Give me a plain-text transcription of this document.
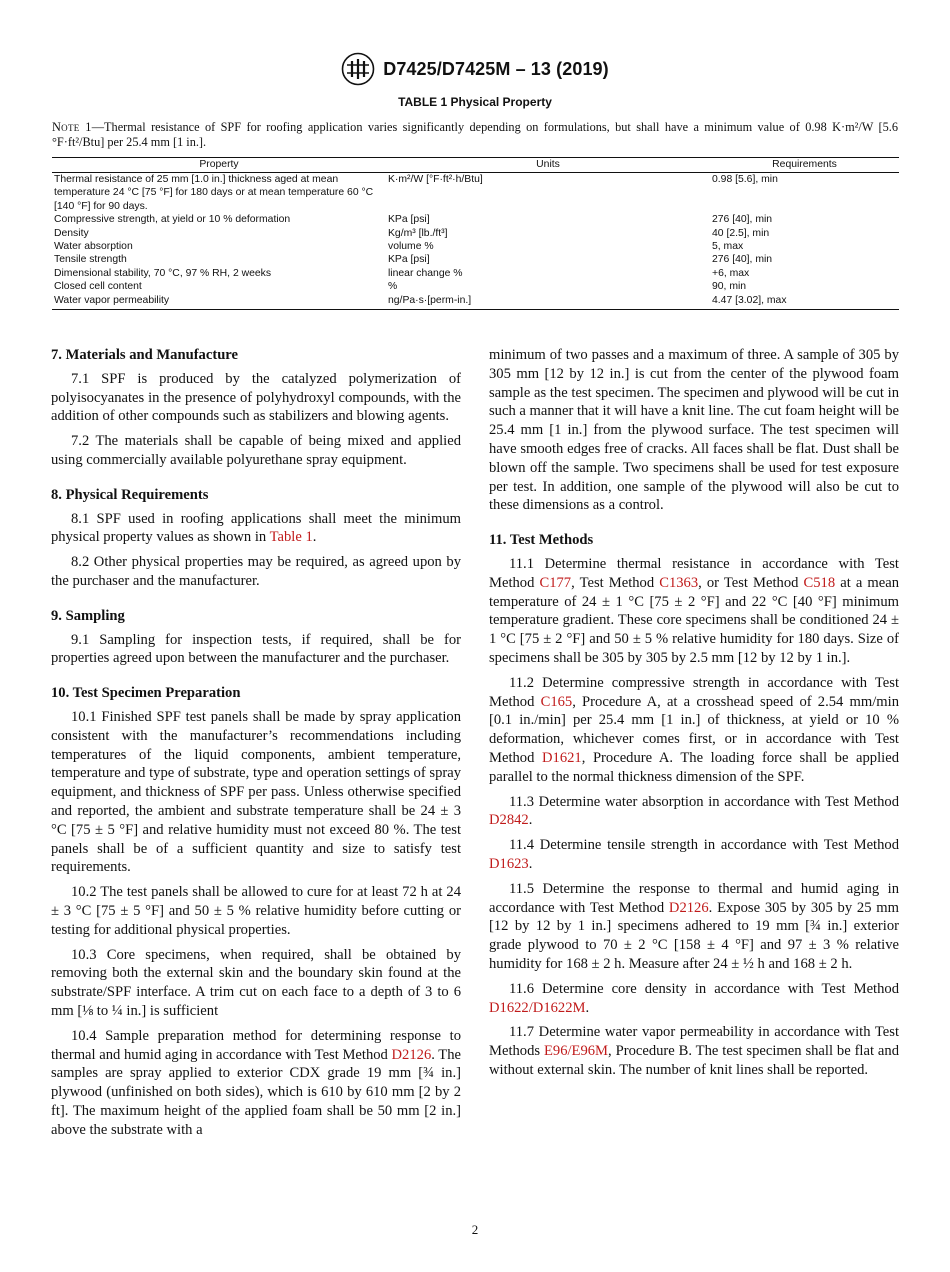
D7425/D7425M – 13 (2019)
TABLE 1 Physical Property
Note 1—Thermal resistance of SPF for roofing application varies significantly depending on formulations, but shall have a minimum value of 0.98 K·m²/W [5.6 °F·ft²/Btu] per 25.4 mm [1 in.].
Property	Units	Requirements
Thermal resistance of 25 mm [1.0 in.] thickness aged at mean temperature 24 °C [75 °F] for 180 days or at mean temperature 60 °C [140 °F] for 90 days.	K·m²/W [°F·ft²·h/Btu]	0.98 [5.6], min
Compressive strength, at yield or 10 % deformation	KPa [psi]	276 [40], min
Density	Kg/m³ [lb./ft³]	40 [2.5], min
Water absorption	volume %	5, max
Tensile strength	KPa [psi]	276 [40], min
Dimensional stability, 70 °C, 97 % RH, 2 weeks	linear change %	+6, max
Closed cell content	%	90, min
Water vapor permeability	ng/Pa·s·[perm-in.]	4.47 [3.02], max
7. Materials and Manufacture

7.1 SPF is produced by the catalyzed polymerization of polyisocyanates in the presence of polyhydroxyl compounds, with the addition of other compounds such as stabilizers and blowing agents.

7.2 The materials shall be capable of being mixed and applied using commercially available polyurethane spray equipment.

8. Physical Requirements

8.1 SPF used in roofing applications shall meet the minimum physical property values as shown in Table 1.

8.2 Other physical properties may be required, as agreed upon by the purchaser and the manufacturer.

9. Sampling

9.1 Sampling for inspection tests, if required, shall be for properties agreed upon between the manufacturer and the purchaser.

10. Test Specimen Preparation

10.1 Finished SPF test panels shall be made by spray application consistent with the manufacturer’s recommendations including temperatures of the liquid components, ambient temperature, temperature and type of substrate, type and operation settings of spray equipment, and thickness of SPF per pass. Unless otherwise specified and reported, the ambient and substrate temperature shall be 24 ± 3 °C [75 ± 5 °F] and relative humidity must not exceed 80 %. The test panels shall be of a sufficient quantity and size to satisfy test requirements.

10.2 The test panels shall be allowed to cure for at least 72 h at 24 ± 3 °C [75 ± 5 °F] and 50 ± 5 % relative humidity before cutting or testing for additional physical properties.

10.3 Core specimens, when required, shall be obtained by removing both the external skin and the boundary skin found at the substrate/SPF interface. A trim cut on each face to a depth of 3 to 6 mm [⅛ to ¼ in.] is sufficient

10.4 Sample preparation method for determining response to thermal and humid aging in accordance with Test Method D2126. The samples are spray applied to exterior CDX grade 19 mm [¾ in.] plywood (unfinished on both sides), which is 610 by 610 mm [2 by 2 ft]. The maximum height of the applied foam shall be 50 mm [2 in.] above the substrate with a

minimum of two passes and a maximum of three. A sample of 305 by 305 mm [12 by 12 in.] is cut from the center of the plywood foam sample as the test specimen. The specimen and plywood will be cut in such a manner that it will have a knit line. The cut foam height will be 25.4 mm [1 in.] from the plywood surface. The test specimen will have smooth edges free of cracks. All faces shall be flat. Dust shall be blown off the sample. Two specimens shall be used for test exposure per test. In addition, one sample of the plywood will also be cut to these dimensions as a control.

11. Test Methods

11.1 Determine thermal resistance in accordance with Test Method C177, Test Method C1363, or Test Method C518 at a mean temperature of 24 ± 1 °C [75 ± 2 °F] and 22 °C [40 °F] minimum temperature gradient. These core specimens shall be conditioned 24 ± 1 °C [75 ± 2 °F] and 50 ± 5 % relative humidity for 180 days. Size of specimens shall be 305 by 305 by 2.5 mm [12 by 12 by 1 in.].

11.2 Determine compressive strength in accordance with Test Method C165, Procedure A, at a crosshead speed of 2.54 mm/min [0.1 in./min] per 25.4 mm [1 in.] of thickness, at yield or 10 % deformation, whichever comes first, or in accordance with Test Method D1621, Procedure A. The loading force shall be applied parallel to the normal thickness dimension of the SPF.

11.3 Determine water absorption in accordance with Test Method D2842.

11.4 Determine tensile strength in accordance with Test Method D1623.

11.5 Determine the response to thermal and humid aging in accordance with Test Method D2126. Expose 305 by 305 by 25 mm [12 by 12 by 1 in.] specimens adhered to 19 mm [¾ in.] exterior grade plywood to 70 ± 2 °C [158 ± 4 °F] and 97 ± 3 % relative humidity for 168 ± 2 h. Measure after 24 ± ½ h and 168 ± 2 h.

11.6 Determine core density in accordance with Test Method D1622/D1622M.

11.7 Determine water vapor permeability in accordance with Test Methods E96/E96M, Procedure B. The test specimen shall be flat and without external skin. The number of knit lines shall be reported.

2
